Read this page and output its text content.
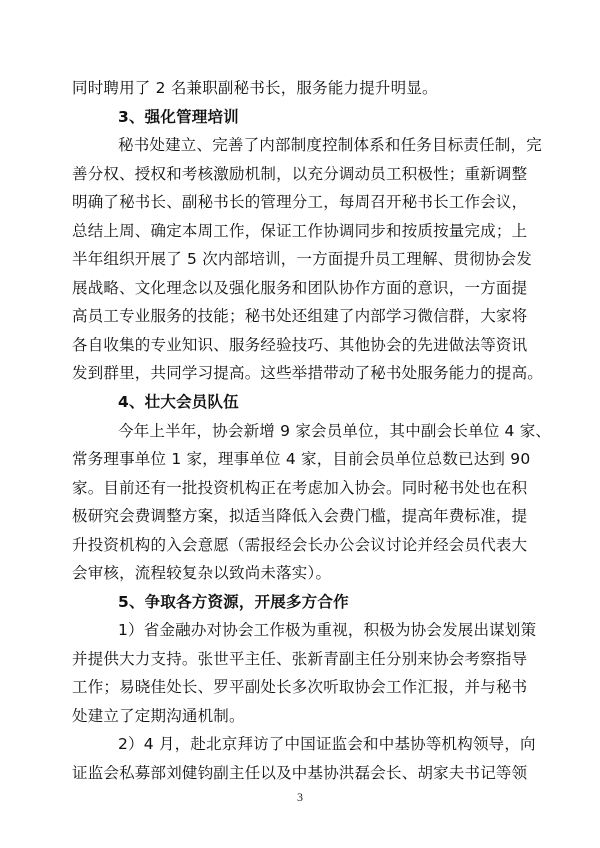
同时聘用了 2 名兼职副秘书长，服务能力提升明显。
3、强化管理培训
秘书处建立、完善了内部制度控制体系和任务目标责任制，完
善分权、授权和考核激励机制，以充分调动员工积极性；重新调整
明确了秘书长、副秘书长的管理分工，每周召开秘书长工作会议，
总结上周、确定本周工作，保证工作协调同步和按质按量完成；上
半年组织开展了 5 次内部培训，一方面提升员工理解、贯彻协会发
展战略、文化理念以及强化服务和团队协作方面的意识，一方面提
高员工专业服务的技能；秘书处还组建了内部学习微信群，大家将
各自收集的专业知识、服务经验技巧、其他协会的先进做法等资讯
发到群里，共同学习提高。这些举措带动了秘书处服务能力的提高。
4、壮大会员队伍
今年上半年，协会新增 9 家会员单位，其中副会长单位 4 家、
常务理事单位 1 家，理事单位 4 家，目前会员单位总数已达到 90
家。目前还有一批投资机构正在考虑加入协会。同时秘书处也在积
极研究会费调整方案，拟适当降低入会费门槛，提高年费标准，提
升投资机构的入会意愿（需报经会长办公会议讨论并经会员代表大
会审核，流程较复杂以致尚未落实）。
5、争取各方资源，开展多方合作
1）省金融办对协会工作极为重视，积极为协会发展出谋划策
并提供大力支持。张世平主任、张新青副主任分别来协会考察指导
工作；易晓佳处长、罗平副处长多次听取协会工作汇报，并与秘书
3
处建立了定期沟通机制。
2）4 月，赴北京拜访了中国证监会和中基协等机构领导，向
证监会私募部刘健钧副主任以及中基协洪磊会长、胡家夫书记等领
